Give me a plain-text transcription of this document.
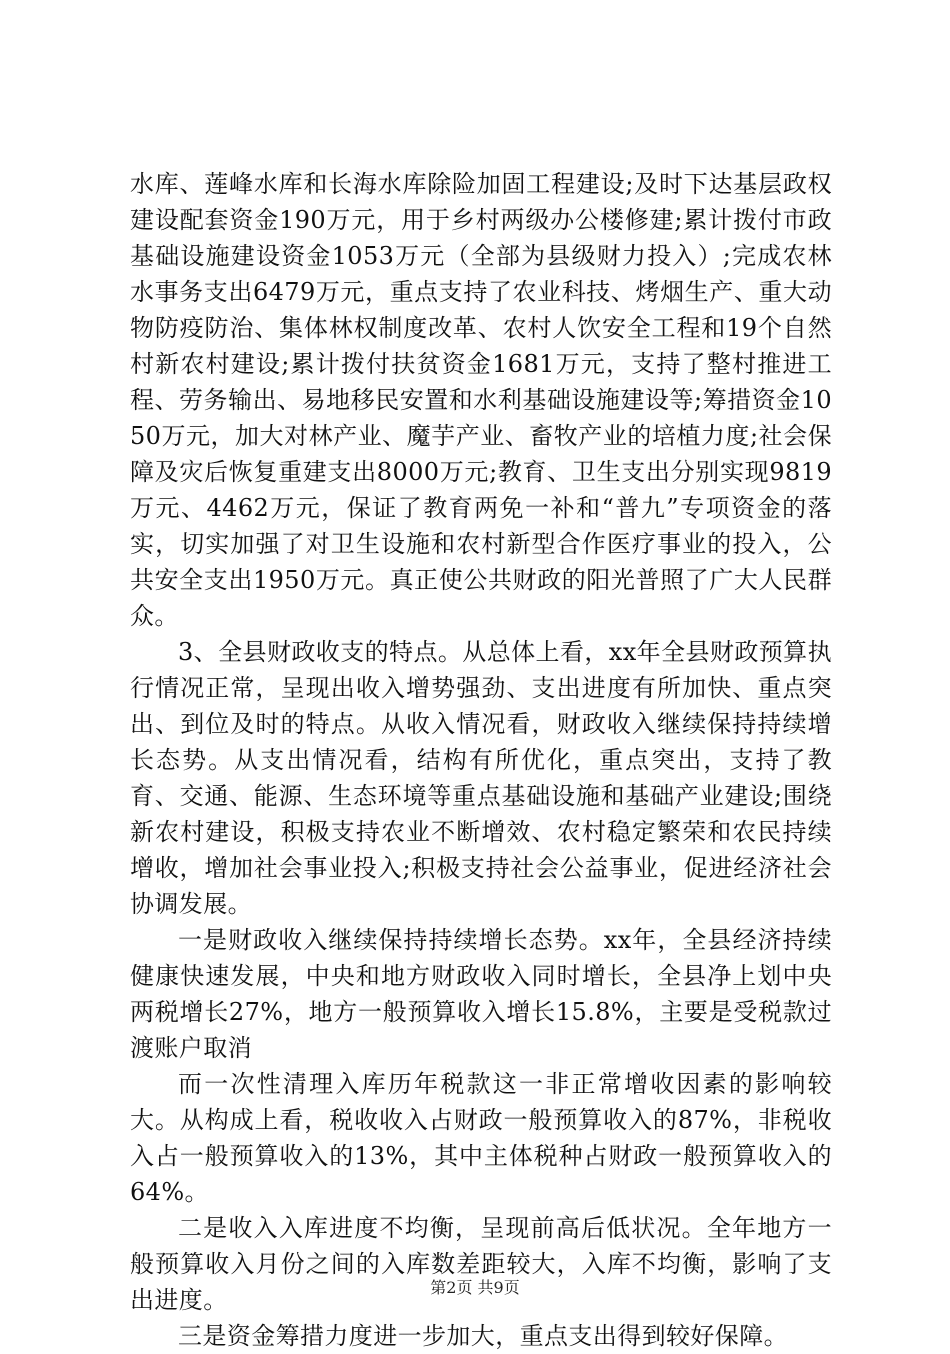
水库、莲峰水库和长海水库除险加固工程建设;及时下达基层政权建设配套资金190万元，用于乡村两级办公楼修建;累计拨付市政基础设施建设资金1053万元（全部为县级财力投入）;完成农林水事务支出6479万元，重点支持了农业科技、烤烟生产、重大动物防疫防治、集体林权制度改革、农村人饮安全工程和19个自然村新农村建设;累计拨付扶贫资金1681万元，支持了整村推进工程、劳务输出、易地移民安置和水利基础设施建设等;筹措资金1050万元，加大对林产业、魔芋产业、畜牧产业的培植力度;社会保障及灾后恢复重建支出8000万元;教育、卫生支出分别实现9819万元、4462万元，保证了教育两免一补和“普九”专项资金的落实，切实加强了对卫生设施和农村新型合作医疗事业的投入，公共安全支出1950万元。真正使公共财政的阳光普照了广大人民群众。

3、全县财政收支的特点。从总体上看，xx年全县财政预算执行情况正常，呈现出收入增势强劲、支出进度有所加快、重点突出、到位及时的特点。从收入情况看，财政收入继续保持持续增长态势。从支出情况看，结构有所优化，重点突出，支持了教育、交通、能源、生态环境等重点基础设施和基础产业建设;围绕新农村建设，积极支持农业不断增效、农村稳定繁荣和农民持续增收，增加社会事业投入;积极支持社会公益事业，促进经济社会协调发展。

一是财政收入继续保持持续增长态势。xx年，全县经济持续健康快速发展，中央和地方财政收入同时增长，全县净上划中央两税增长27%，地方一般预算收入增长15.8%，主要是受税款过渡账户取消

而一次性清理入库历年税款这一非正常增收因素的影响较大。从构成上看，税收收入占财政一般预算收入的87%，非税收入占一般预算收入的13%，其中主体税种占财政一般预算收入的64%。

二是收入入库进度不均衡，呈现前高后低状况。全年地方一般预算收入月份之间的入库数差距较大，入库不均衡，影响了支出进度。

三是资金筹措力度进一步加大，重点支出得到较好保障。

第2页 共9页
